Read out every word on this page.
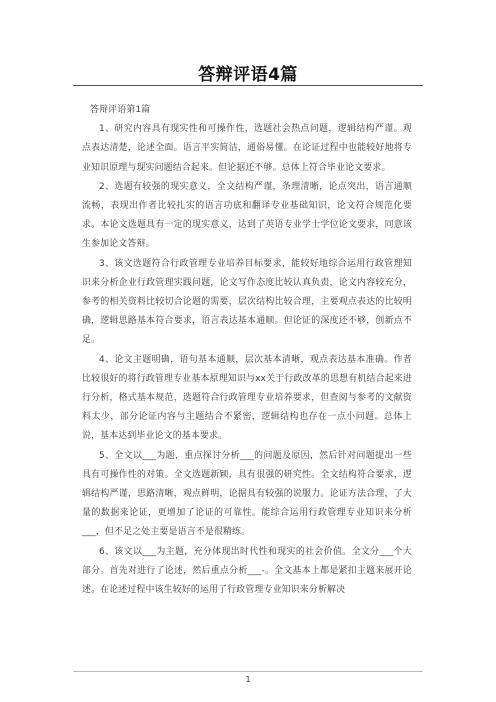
答辩评语4篇

答辩评语第1篇

1、研究内容具有现实性和可操作性，选题社会热点问题，逻辑结构严谨。观点表达清楚，论述全面。语言平实简洁，通俗易懂。在论证过程中也能较好地将专业知识原理与现实问题结合起来。但论据还不够。总体上符合毕业论文要求。

2、选题有较强的现实意义，全文结构严谨，条理清晰，论点突出，语言通顺流畅，表现出作者比较扎实的语言功底和翻译专业基础知识，论文符合规范化要求。本论文选题具有一定的现实意义，达到了英语专业学士学位论文要求，同意该生参加论文答辩。

3、该文选题符合行政管理专业培养目标要求，能较好地综合运用行政管理知识来分析企业行政管理实践问题，论文写作态度比较认真负责，论文内容较充分，参考的相关资料比较切合论题的需要，层次结构比较合理，主要观点表达的比较明确，逻辑思路基本符合要求，语言表达基本通顺。但论证的深度还不够，创新点不足。

4、论文主题明确，语句基本通顺，层次基本清晰，观点表达基本准确。作者比较很好的将行政管理专业基本原理知识与xx关于行政改革的思想有机结合起来进行分析，格式基本规范，选题符合行政管理专业培养要求，但查阅与参考的文献资料太少，部分论证内容与主题结合不紧密，逻辑结构也存在一点小问题。总体上说，基本达到毕业论文的基本要求。

5、全文以___为题，重点探讨分析___的问题及原因，然后针对问题提出一些具有可操作性的对策。全文选题新颖，具有很强的研究性。全文结构符合要求，逻辑结构严谨，思路清晰，观点鲜明，论据具有较强的说服力。论证方法合理，了大量的数据来论证，更增加了论证的可靠性。能综合运用行政管理专业知识来分析___，但不足之处主要是语言不是很精练。

6、该文以___为主题，充分体现出时代性和现实的社会价值。全文分___个大部分。首先对进行了论述，然后重点分析___-。全文基本上都是紧扣主题来展开论述。在论述过程中该生较好的运用了行政管理专业知识来分析解决

1
